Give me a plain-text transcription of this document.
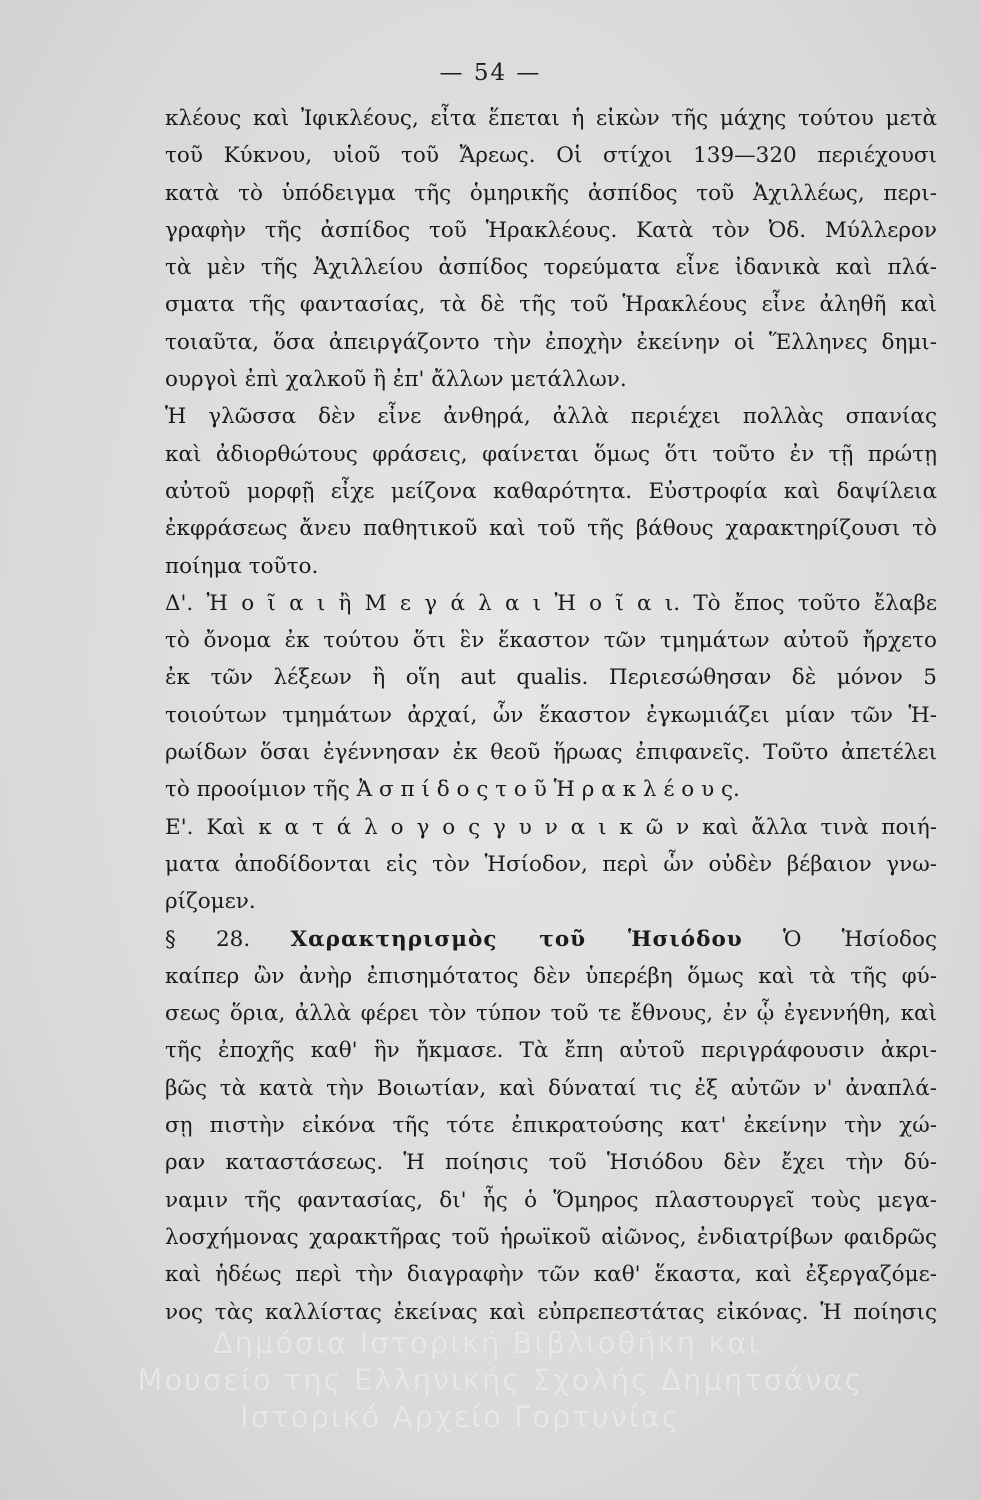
— 54 —
κλέους καὶ Ἰφικλέους, εἶτα ἕπεται ἡ εἰκὼν τῆς μάχης τούτου μετὰ
τοῦ Κύκνου, υἱοῦ τοῦ Ἄρεως. Οἱ στίχοι 139—320 περιέχουσι
κατὰ τὸ ὑπόδειγμα τῆς ὁμηρικῆς ἀσπίδος τοῦ Ἀχιλλέως, περι-
γραφὴν τῆς ἀσπίδος τοῦ Ἡρακλέους. Κατὰ τὸν Ὀδ. Μύλλερον
τὰ μὲν τῆς Ἀχιλλείου ἀσπίδος τορεύματα εἶνε ἰδανικὰ καὶ πλά-
σματα τῆς φαντασίας, τὰ δὲ τῆς τοῦ Ἡρακλέους εἶνε ἀληθῆ καὶ
τοιαῦτα, ὅσα ἀπειργάζοντο τὴν ἐποχὴν ἐκείνην οἱ Ἕλληνες δημι-
ουργοὶ ἐπὶ χαλκοῦ ἢ ἐπ' ἄλλων μετάλλων.
Ἡ γλῶσσα δὲν εἶνε ἀνθηρά, ἀλλὰ περιέχει πολλὰς σπανίας
καὶ ἀδιορθώτους φράσεις, φαίνεται ὅμως ὅτι τοῦτο ἐν τῇ πρώτῃ
αὐτοῦ μορφῇ εἶχε μείζονα καθαρότητα. Εὐστροφία καὶ δαψίλεια
ἐκφράσεως ἄνευ παθητικοῦ καὶ τοῦ τῆς βάθους χαρακτηρίζουσι τὸ
ποίημα τοῦτο.
Δ'. Ἠ ο ῖ α ι ἢ Μ ε γ ά λ α ι Ἠ ο ῖ α ι. Τὸ ἔπος τοῦτο ἔλαβε
τὸ ὄνομα ἐκ τούτου ὅτι ἓν ἕκαστον τῶν τμημάτων αὐτοῦ ἤρχετο
ἐκ τῶν λέξεων ἢ οἵη aut qualis. Περιεσώθησαν δὲ μόνον 5
τοιούτων τμημάτων ἀρχαί, ὧν ἕκαστον ἐγκωμιάζει μίαν τῶν Ἡ-
ρωίδων ὅσαι ἐγέννησαν ἐκ θεοῦ ἥρωας ἐπιφανεῖς. Τοῦτο ἀπετέλει
τὸ προοίμιον τῆς Ἀ σ π ί δ ο ς τ ο ῦ Ἡ ρ α κ λ έ ο υ ς.
Ε'. Καὶ κ α τ ά λ ο γ ο ς γ υ ν α ι κ ῶ ν καὶ ἄλλα τινὰ ποιή-
ματα ἀποδίδονται εἰς τὸν Ἡσίοδον, περὶ ὧν οὐδὲν βέβαιον γνω-
ρίζομεν.
§ 28. Χαρακτηρισμὸς τοῦ Ἡσιόδου Ὁ Ἡσίοδος
καίπερ ὢν ἀνὴρ ἐπισημότατος δὲν ὑπερέβη ὅμως καὶ τὰ τῆς φύ-
σεως ὅρια, ἀλλὰ φέρει τὸν τύπον τοῦ τε ἔθνους, ἐν ᾧ ἐγεννήθη, καὶ
τῆς ἐποχῆς καθ' ἣν ἤκμασε. Τὰ ἔπη αὐτοῦ περιγράφουσιν ἀκρι-
βῶς τὰ κατὰ τὴν Βοιωτίαν, καὶ δύναταί τις ἐξ αὐτῶν ν' ἀναπλά-
σῃ πιστὴν εἰκόνα τῆς τότε ἐπικρατούσης κατ' ἐκείνην τὴν χώ-
ραν καταστάσεως. Ἡ ποίησις τοῦ Ἡσιόδου δὲν ἔχει τὴν δύ-
ναμιν τῆς φαντασίας, δι' ἧς ὁ Ὅμηρος πλαστουργεῖ τοὺς μεγα-
λοσχήμονας χαρακτῆρας τοῦ ἡρωϊκοῦ αἰῶνος, ἐνδιατρίβων φαιδρῶς
καὶ ἡδέως περὶ τὴν διαγραφὴν τῶν καθ' ἕκαστα, καὶ ἐξεργαζόμε-
νος τὰς καλλίστας ἐκείνας καὶ εὐπρεπεστάτας εἰκόνας. Ἡ ποίησις
Δημόσια Ιστορική Βιβλιοθήκη και
Μουσείο της Ελληνικής Σχολής Δημητσάνας
Ιστορικό Αρχείο Γορτυνίας
